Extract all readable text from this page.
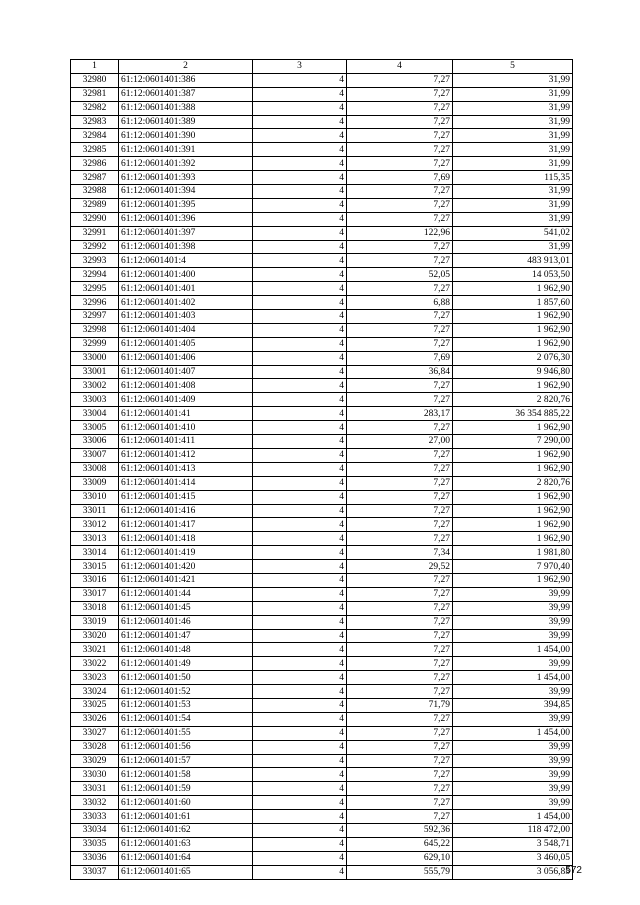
1	2	3	4	5
32980	61:12:0601401:386	4	7,27	31,99
32981	61:12:0601401:387	4	7,27	31,99
32982	61:12:0601401:388	4	7,27	31,99
32983	61:12:0601401:389	4	7,27	31,99
32984	61:12:0601401:390	4	7,27	31,99
32985	61:12:0601401:391	4	7,27	31,99
32986	61:12:0601401:392	4	7,27	31,99
32987	61:12:0601401:393	4	7,69	115,35
32988	61:12:0601401:394	4	7,27	31,99
32989	61:12:0601401:395	4	7,27	31,99
32990	61:12:0601401:396	4	7,27	31,99
32991	61:12:0601401:397	4	122,96	541,02
32992	61:12:0601401:398	4	7,27	31,99
32993	61:12:0601401:4	4	7,27	483 913,01
32994	61:12:0601401:400	4	52,05	14 053,50
32995	61:12:0601401:401	4	7,27	1 962,90
32996	61:12:0601401:402	4	6,88	1 857,60
32997	61:12:0601401:403	4	7,27	1 962,90
32998	61:12:0601401:404	4	7,27	1 962,90
32999	61:12:0601401:405	4	7,27	1 962,90
33000	61:12:0601401:406	4	7,69	2 076,30
33001	61:12:0601401:407	4	36,84	9 946,80
33002	61:12:0601401:408	4	7,27	1 962,90
33003	61:12:0601401:409	4	7,27	2 820,76
33004	61:12:0601401:41	4	283,17	36 354 885,22
33005	61:12:0601401:410	4	7,27	1 962,90
33006	61:12:0601401:411	4	27,00	7 290,00
33007	61:12:0601401:412	4	7,27	1 962,90
33008	61:12:0601401:413	4	7,27	1 962,90
33009	61:12:0601401:414	4	7,27	2 820,76
33010	61:12:0601401:415	4	7,27	1 962,90
33011	61:12:0601401:416	4	7,27	1 962,90
33012	61:12:0601401:417	4	7,27	1 962,90
33013	61:12:0601401:418	4	7,27	1 962,90
33014	61:12:0601401:419	4	7,34	1 981,80
33015	61:12:0601401:420	4	29,52	7 970,40
33016	61:12:0601401:421	4	7,27	1 962,90
33017	61:12:0601401:44	4	7,27	39,99
33018	61:12:0601401:45	4	7,27	39,99
33019	61:12:0601401:46	4	7,27	39,99
33020	61:12:0601401:47	4	7,27	39,99
33021	61:12:0601401:48	4	7,27	1 454,00
33022	61:12:0601401:49	4	7,27	39,99
33023	61:12:0601401:50	4	7,27	1 454,00
33024	61:12:0601401:52	4	7,27	39,99
33025	61:12:0601401:53	4	71,79	394,85
33026	61:12:0601401:54	4	7,27	39,99
33027	61:12:0601401:55	4	7,27	1 454,00
33028	61:12:0601401:56	4	7,27	39,99
33029	61:12:0601401:57	4	7,27	39,99
33030	61:12:0601401:58	4	7,27	39,99
33031	61:12:0601401:59	4	7,27	39,99
33032	61:12:0601401:60	4	7,27	39,99
33033	61:12:0601401:61	4	7,27	1 454,00
33034	61:12:0601401:62	4	592,36	118 472,00
33035	61:12:0601401:63	4	645,22	3 548,71
33036	61:12:0601401:64	4	629,10	3 460,05
33037	61:12:0601401:65	4	555,79	3 056,85
572
